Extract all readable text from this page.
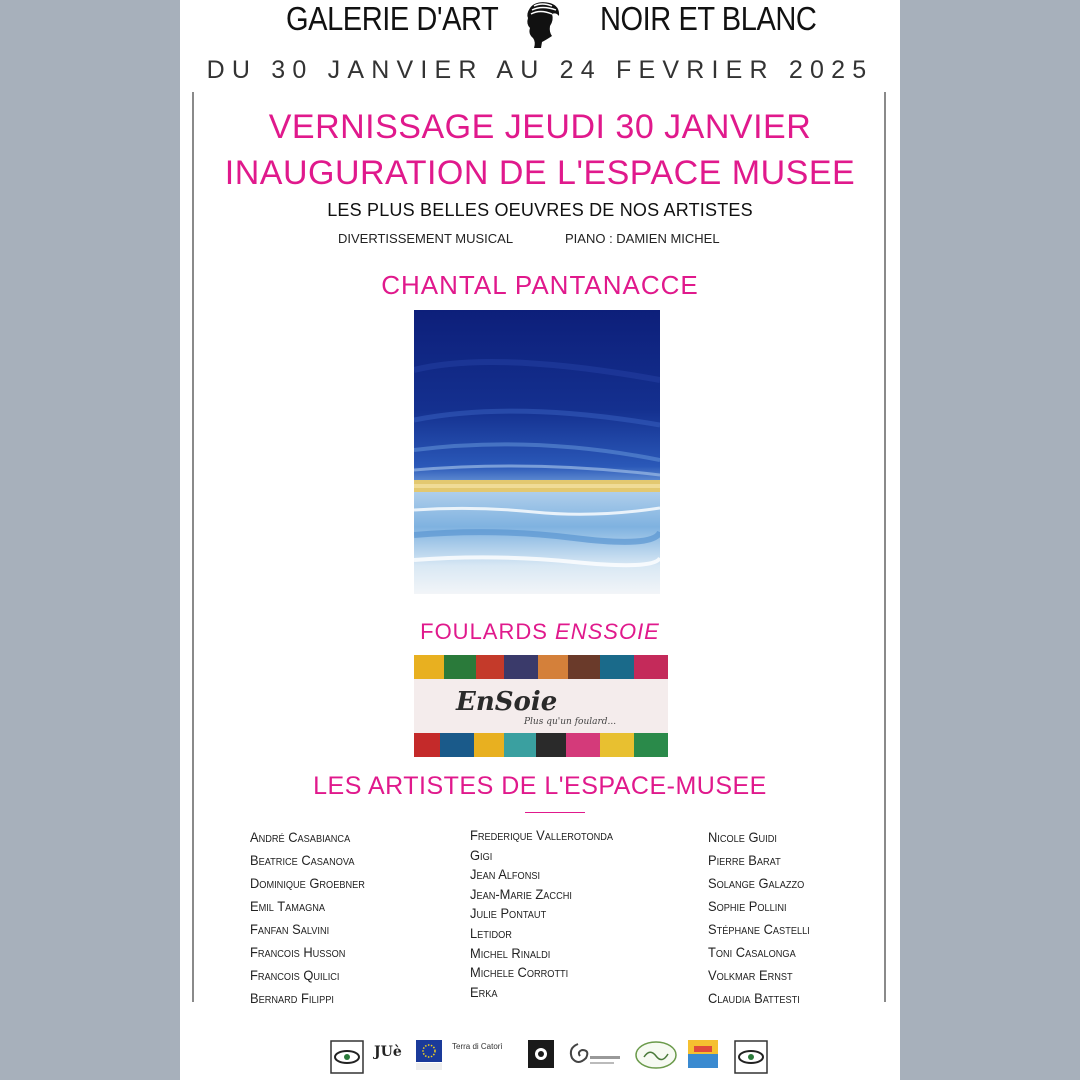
GALERIE D'ART	NOIR ET BLANC
DU 30 JANVIER AU 24 FEVRIER 2025
VERNISSAGE JEUDI 30 JANVIER
INAUGURATION DE L'ESPACE MUSEE
LES PLUS BELLES OEUVRES DE NOS ARTISTES
DIVERTISSEMENT MUSICAL	PIANO : DAMIEN MICHEL
CHANTAL PANTANACCE
FOULARDS ENSSOIE
EnSoie
Plus qu'un foulard...
LES ARTISTES DE L'ESPACE-MUSEE
André Casabianca
Beatrice Casanova
Dominique Groebner
Emil Tamagna
Fanfan Salvini
Francois Husson
Francois Quilici
Bernard Filippi
Frederique Vallerotonda
Gigi
Jean Alfonsi
Jean-Marie Zacchi
Julie Pontaut
Letidor
Michel Rinaldi
Michele Corrotti
Erka
Nicole Guidi
Pierre Barat
Solange Galazzo
Sophie Pollini
Stéphane Castelli
Toni Casalonga
Volkmar Ernst
Claudia Battesti
JUè	Terra di Catorì
